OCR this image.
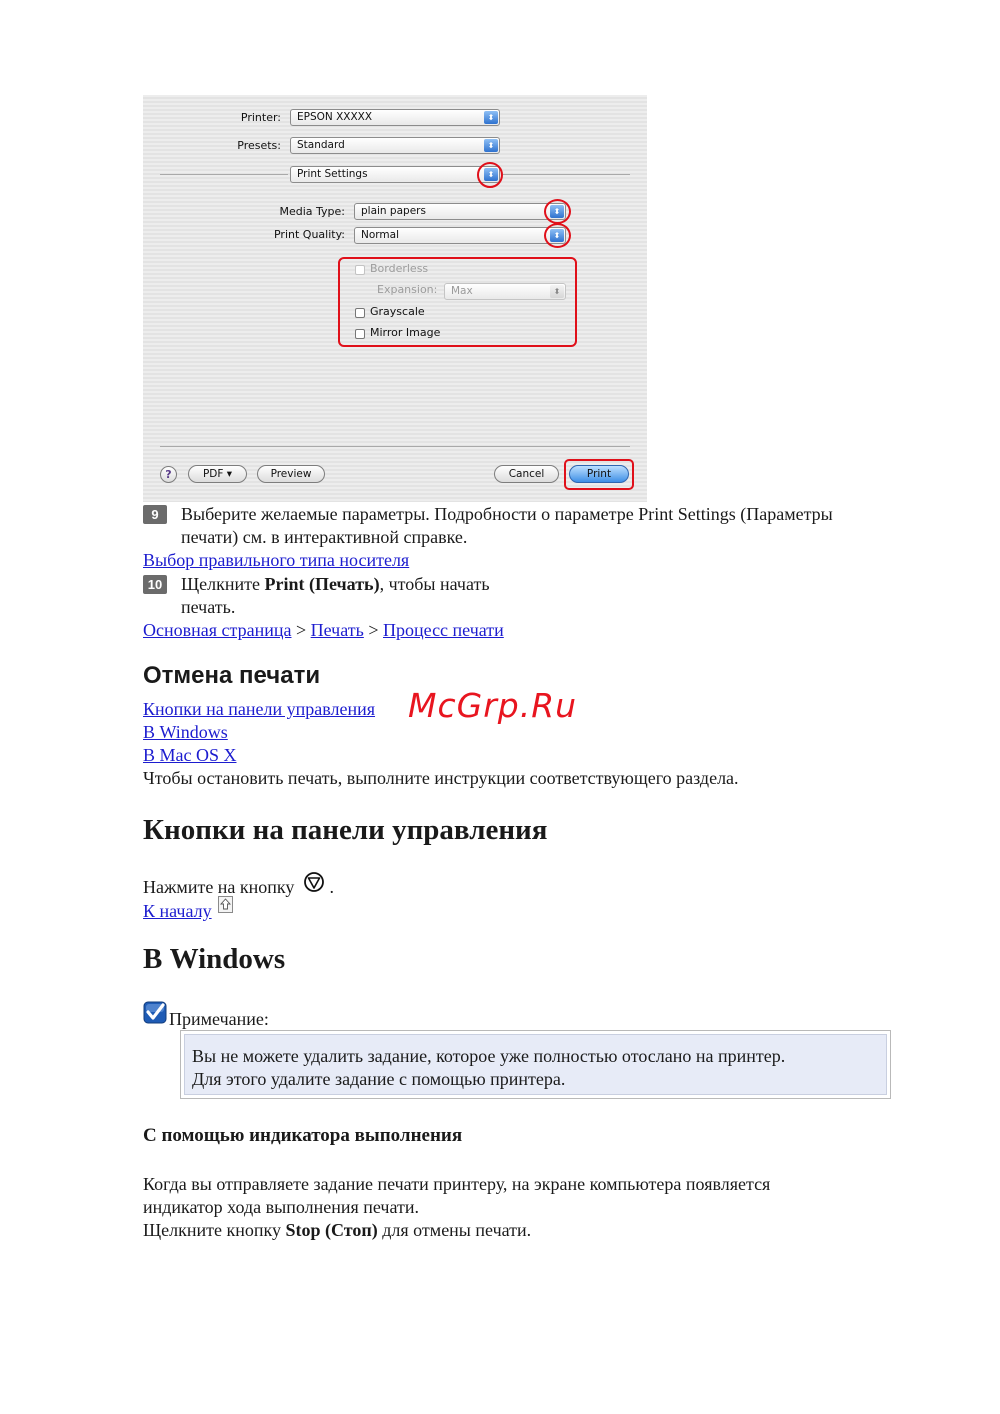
Printer:	EPSON XXXXX	⬍
Presets:	Standard	⬍
Print Settings	⬍
Media Type:	plain papers	⬍
Print Quality:	Normal	⬍
Borderless
Expansion:	Max	⬍
Grayscale
Mirror Image
?	PDF ▾	Preview	Cancel	Print
9	Выберите желаемые параметры. Подробности о параметре Print Settings (Параметры
печати) см. в интерактивной справке.
Выбор правильного типа носителя
10 Щелкните Print (Печать), чтобы начать
печать.
Основная страница > Печать > Процесс печати
Отмена печати
Кнопки на панели управления McGrp.Ru
В Windows
В Mac OS X
Чтобы остановить печать, выполните инструкции соответствующего раздела.
Кнопки на панели управления
Нажмите на кнопку  .
К началу
В Windows
Примечание:
Вы не можете удалить задание, которое уже полностью отослано на принтер.
Для этого удалите задание с помощью принтера.
С помощью индикатора выполнения
Когда вы отправляете задание печати принтеру, на экране компьютера появляется
индикатор хода выполнения печати.
Щелкните кнопку Stop (Стоп) для отмены печати.
